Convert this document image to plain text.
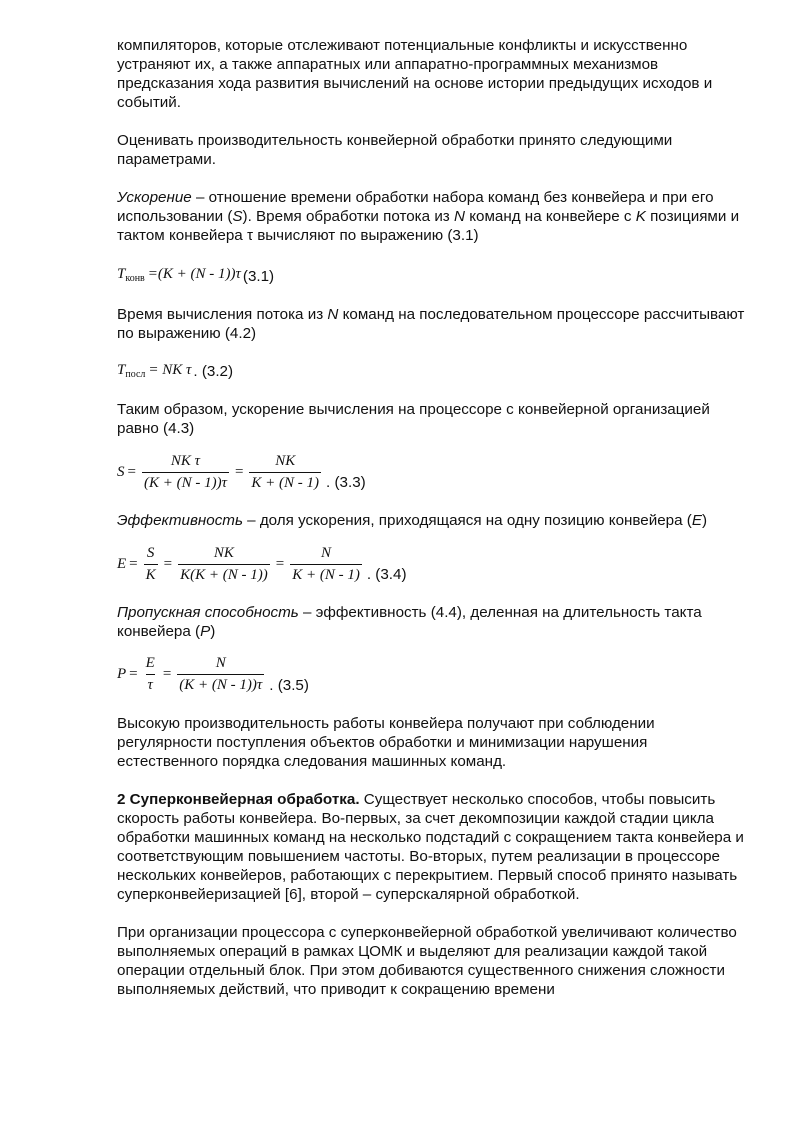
компиляторов, которые отслеживают потенциальные конфликты и искусственно устраняют их, а также аппаратных или аппаратно-программных механизмов предсказания хода развития вычислений на основе истории предыдущих исходов и событий.

Оценивать производительность конвейерной обработки принято следующими параметрами.

Ускорение – отношение времени обработки набора команд без конвейера и при его использовании (S). Время обработки потока из N команд на конвейере с K позициями и тактом конвейера τ вычисляют по выражению (3.1)

T конв =(K + (N - 1))τ (3.1)

Время вычисления потока из N команд на последовательном процессоре рассчитывают по выражению (4.2)

T посл = NK τ . (3.2)

Таким образом, ускорение вычисления на процессоре с конвейерной организацией равно (4.3)

$S = \frac{\text{NK τ}}{(K + (N - 1))\tau} = \frac{NK}{K + (N - 1)}$ . (3.3)

Эффективность – доля ускорения, приходящаяся на одну позицию конвейера (E)

$E = \frac{S}{K} = \frac{NK}{K(K + (N - 1))} = \frac{N}{K + (N - 1)}$ . (3.4)

Пропускная способность – эффективность (4.4), деленная на длительность такта конвейера (P)

$P = \frac{E}{\tau} = \frac{N}{(K + (N - 1))\tau}$ . (3.5)

Высокую производительность работы конвейера получают при соблюдении регулярности поступления объектов обработки и минимизации нарушения естественного порядка следования машинных команд.

2 Суперконвейерная обработка. Существует несколько способов, чтобы повысить скорость работы конвейера. Во-первых, за счет декомпозиции каждой стадии цикла обработки машинных команд на несколько подстадий с сокращением такта конвейера и соответствующим повышением частоты. Во-вторых, путем реализации в процессоре нескольких конвейеров, работающих с перекрытием. Первый способ принято называть суперконвейеризацией [6], второй – суперскалярной обработкой.

При организации процессора с суперконвейерной обработкой увеличивают количество выполняемых операций в рамках ЦОМК и выделяют для реализации каждой такой операции отдельный блок. При этом добиваются существенного снижения сложности выполняемых действий, что приводит к сокращению времени
